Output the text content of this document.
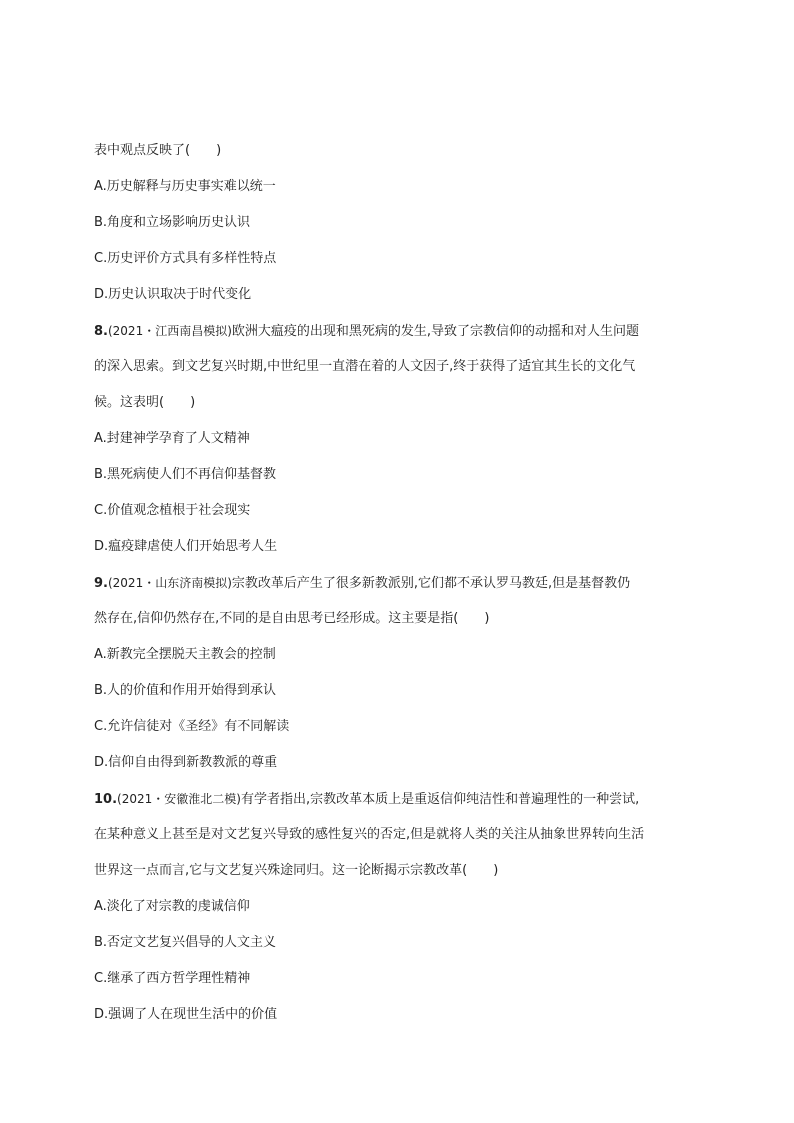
表中观点反映了(　　)
A.历史解释与历史事实难以统一
B.角度和立场影响历史认识
C.历史评价方式具有多样性特点
D.历史认识取决于时代变化
8.(2021・江西南昌模拟)欧洲大瘟疫的出现和黑死病的发生,导致了宗教信仰的动摇和对人生问题
的深入思索。到文艺复兴时期,中世纪里一直潜在着的人文因子,终于获得了适宜其生长的文化气
候。这表明(　　)
A.封建神学孕育了人文精神
B.黑死病使人们不再信仰基督教
C.价值观念植根于社会现实
D.瘟疫肆虐使人们开始思考人生
9.(2021・山东济南模拟)宗教改革后产生了很多新教派别,它们都不承认罗马教廷,但是基督教仍
然存在,信仰仍然存在,不同的是自由思考已经形成。这主要是指(　　)
A.新教完全摆脱天主教会的控制
B.人的价值和作用开始得到承认
C.允许信徒对《圣经》有不同解读
D.信仰自由得到新教教派的尊重
10.(2021・安徽淮北二模)有学者指出,宗教改革本质上是重返信仰纯洁性和普遍理性的一种尝试,
在某种意义上甚至是对文艺复兴导致的感性复兴的否定,但是就将人类的关注从抽象世界转向生活
世界这一点而言,它与文艺复兴殊途同归。这一论断揭示宗教改革(　　)
A.淡化了对宗教的虔诚信仰
B.否定文艺复兴倡导的人文主义
C.继承了西方哲学理性精神
D.强调了人在现世生活中的价值
